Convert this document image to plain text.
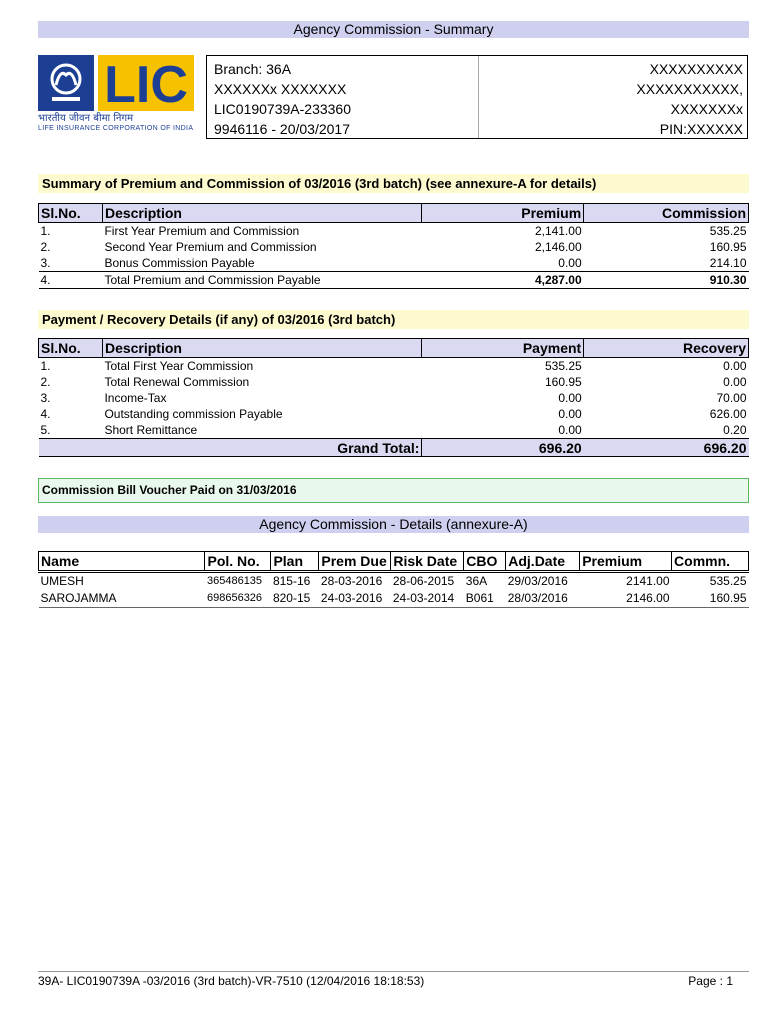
Agency Commission - Summary
LIC
भारतीय जीवन बीमा निगम
LIFE INSURANCE CORPORATION OF INDIA
Branch: 36A
XXXXXXx XXXXXXX
LIC0190739A-233360
9946116 - 20/03/2017
XXXXXXXXXX
XXXXXXXXXXX,
XXXXXXXx
PIN:XXXXXX
Summary of Premium and Commission of 03/2016 (3rd batch) (see annexure-A for details)
Sl.No.	Description	Premium	Commission
1.	First Year Premium and Commission	2,141.00	535.25
2.	Second Year Premium and Commission	2,146.00	160.95
3.	Bonus Commission Payable	0.00	214.10
4.	Total Premium and Commission Payable	4,287.00	910.30
Payment / Recovery Details (if any) of 03/2016 (3rd batch)
Sl.No.	Description	Payment	Recovery
1.	Total First Year Commission	535.25	0.00
2.	Total Renewal Commission	160.95	0.00
3.	Income-Tax	0.00	70.00
4.	Outstanding commission Payable	0.00	626.00
5.	Short Remittance	0.00	0.20
	Grand Total:	696.20	696.20
Commission Bill Voucher Paid on 31/03/2016
Agency Commission - Details (annexure-A)
Name	Pol. No.	Plan	Prem Due	Risk Date	CBO	Adj.Date	Premium	Commn.
UMESH	365486135	815-16	28-03-2016	28-06-2015	36A	29/03/2016	2141.00	535.25
SAROJAMMA	698656326	820-15	24-03-2016	24-03-2014	B061	28/03/2016	2146.00	160.95
39A- LIC0190739A -03/2016 (3rd batch)-VR-7510 (12/04/2016 18:18:53)	Page : 1
